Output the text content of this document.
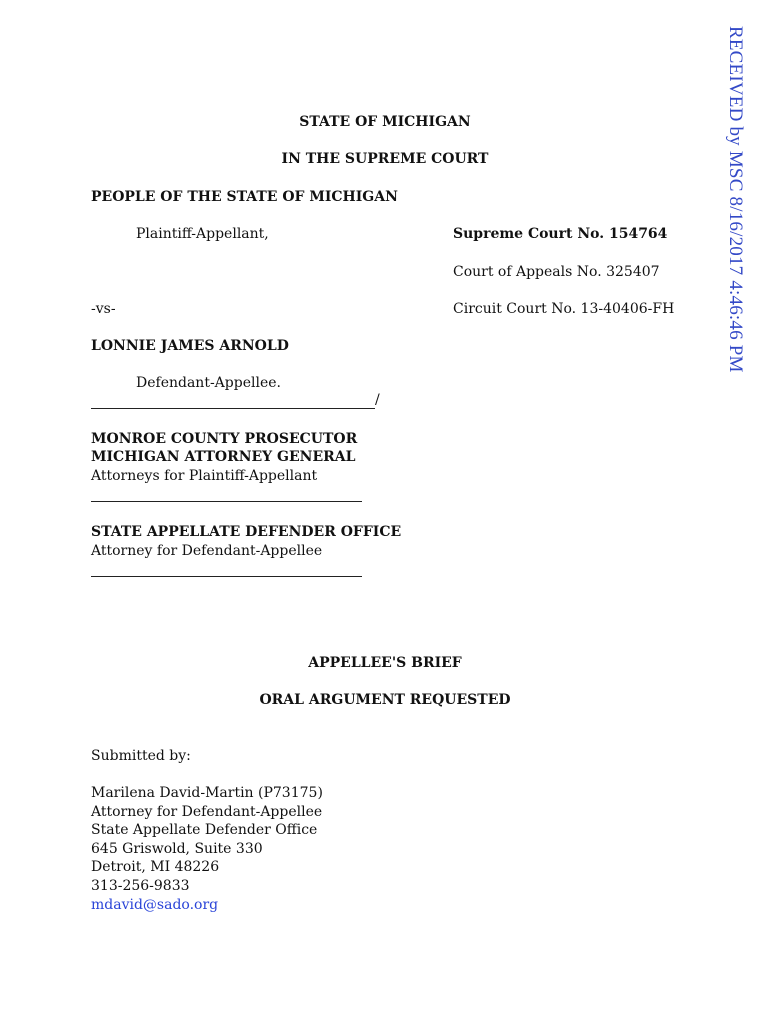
RECEIVED by MSC 8/16/2017 4:46:46 PM
STATE OF MICHIGAN
IN THE SUPREME COURT
PEOPLE OF THE STATE OF MICHIGAN
Plaintiff-Appellant,	Supreme Court No. 154764
Court of Appeals No. 325407
-vs-	Circuit Court No. 13-40406-FH
LONNIE JAMES ARNOLD
Defendant-Appellee.
/
MONROE COUNTY PROSECUTOR
MICHIGAN ATTORNEY GENERAL
Attorneys for Plaintiff-Appellant
STATE APPELLATE DEFENDER OFFICE
Attorney for Defendant-Appellee
APPELLEE'S BRIEF
ORAL ARGUMENT REQUESTED
Submitted by:
Marilena David-Martin (P73175)
Attorney for Defendant-Appellee
State Appellate Defender Office
645 Griswold, Suite 330
Detroit, MI 48226
313-256-9833
mdavid@sado.org
